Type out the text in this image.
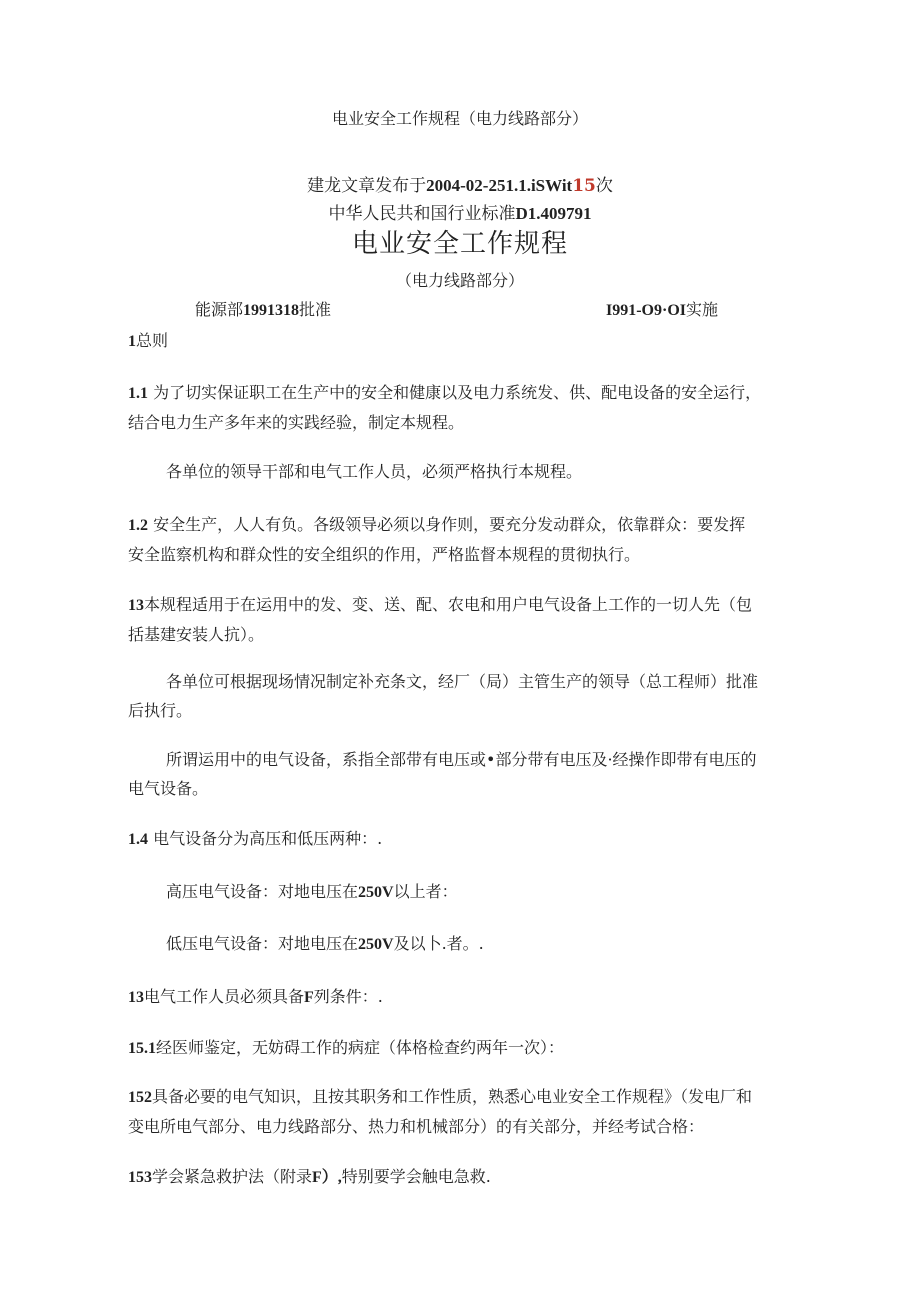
电业安全工作规程（电力线路部分）
建龙文章发布于2004-02-251.1.iSWit15次
中华人民共和国行业标准D1.409791
电业安全工作规程
（电力线路部分）
能源部1991318批准	I991-O9·OI实施
1总则
1.1 为了切实保证职工在生产中的安全和健康以及电力系统发、供、配电设备的安全运行，
结合电力生产多年来的实践经验，制定本规程。
各单位的领导干部和电气工作人员，必须严格执行本规程。
1.2 安全生产，人人有负。各级领导必须以身作则，要充分发动群众，依靠群众：要发挥
安全监察机构和群众性的安全组织的作用，严格监督本规程的贯彻执行。
13本规程适用于在运用中的发、变、送、配、农电和用户电气设备上工作的一切人先（包
括基建安装人抗）。
各单位可根据现场情况制定补充条文，经厂（局）主管生产的领导（总工程师）批准
后执行。
所谓运用中的电气设备，系指全部带有电压或•部分带有电压及·经操作即带有电压的
电气设备。
1.4 电气设备分为高压和低压两种：.
高压电气设备：对地电压在250V以上者：
低压电气设备：对地电压在250V及以卜.者。.
13电气工作人员必须具备F列条件：.
15.1经医师鉴定，无妨碍工作的病症（体格检查约两年一次）：
152具备必要的电气知识，且按其职务和工作性质，熟悉心电业安全工作规程》（发电厂和
变电所电气部分、电力线路部分、热力和机械部分）的有关部分，并经考试合格：
153学会紧急救护法（附录F）,特别要学会触电急救.
